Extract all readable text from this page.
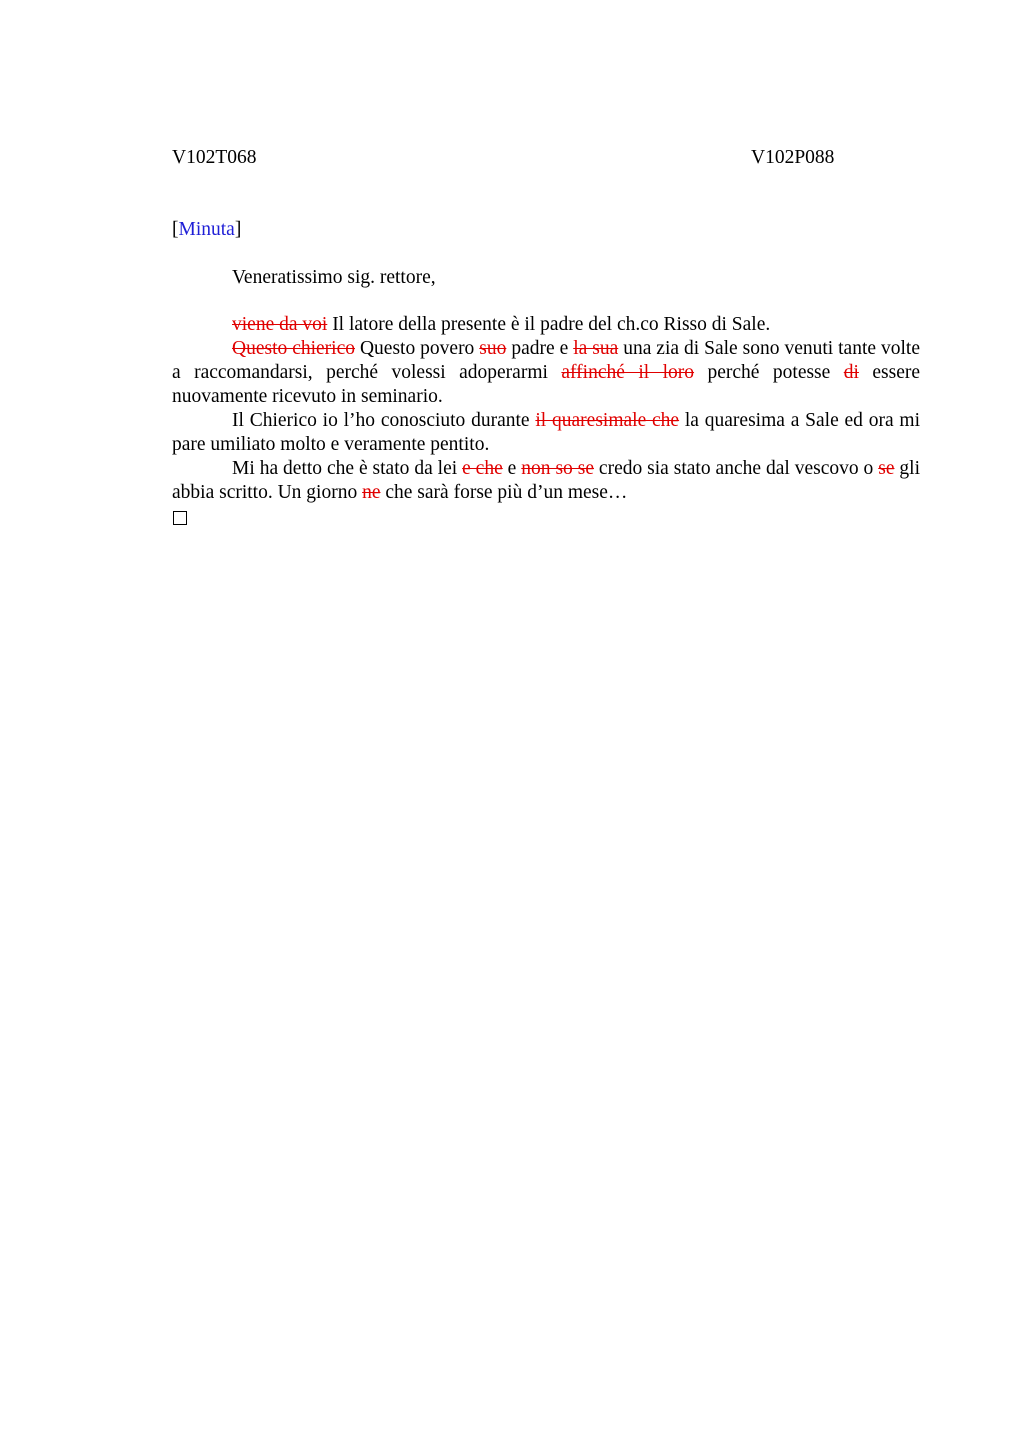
V102T068	V102P088
[Minuta]
Veneratissimo sig. rettore,

viene da voi Il latore della presente è il padre del ch.co Risso di Sale.

Questo chierico Questo povero suo padre e la sua una zia di Sale sono venuti tante volte a raccomandarsi, perché volessi adoperarmi affinché il loro perché potesse di essere nuovamente ricevuto in seminario.

Il Chierico io l’ho conosciuto durante il quaresimale che la quaresima a Sale ed ora mi pare umiliato molto e veramente pentito.

Mi ha detto che è stato da lei e che e non so se credo sia stato anche dal vescovo o se gli abbia scritto. Un giorno ne che sarà forse più d’un mese…
